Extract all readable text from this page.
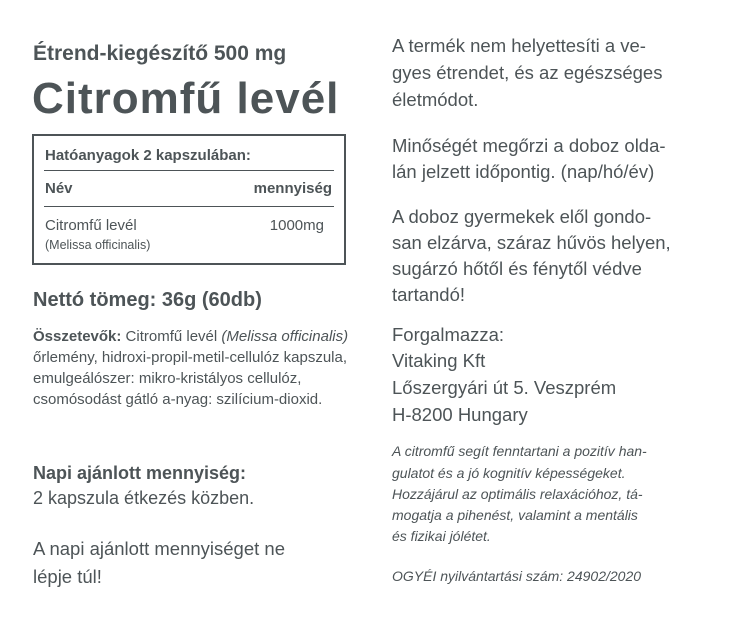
Étrend-kiegészítő 500 mg
Citromfű levél
Hatóanyagok 2 kapszulában:
Név	mennyiség
Citromfű levél
(Melissa officinalis)
1000mg
Nettó tömeg: 36g (60db)
Összetevők: Citromfű levél (Melissa officinalis) őrlemény, hidroxi-propil-metil-cellulóz kapszula, emulgeálószer: mikro-kristályos cellulóz, csomósodást gátló a-nyag: szilícium-dioxid.
Napi ajánlott mennyiség:
2 kapszula étkezés közben.
A napi ajánlott mennyiséget ne
lépje túl!
A termék nem helyettesíti a ve-
gyes étrendet, és az egészséges
életmódot.
Minőségét megőrzi a doboz olda-
lán jelzett időpontig. (nap/hó/év)
A doboz gyermekek elől gondo-
san elzárva, száraz hűvös helyen,
sugárzó hőtől és fénytől védve
tartandó!
Forgalmazza:
Vitaking Kft
Lőszergyári út 5. Veszprém
H-8200 Hungary
A citromfű segít fenntartani a pozitív han-
gulatot és a jó kognitív képességeket.
Hozzájárul az optimális relaxációhoz, tá-
mogatja a pihenést, valamint a mentális
és fizikai jólétet.
OGYÉI nyilvántartási szám: 24902/2020
